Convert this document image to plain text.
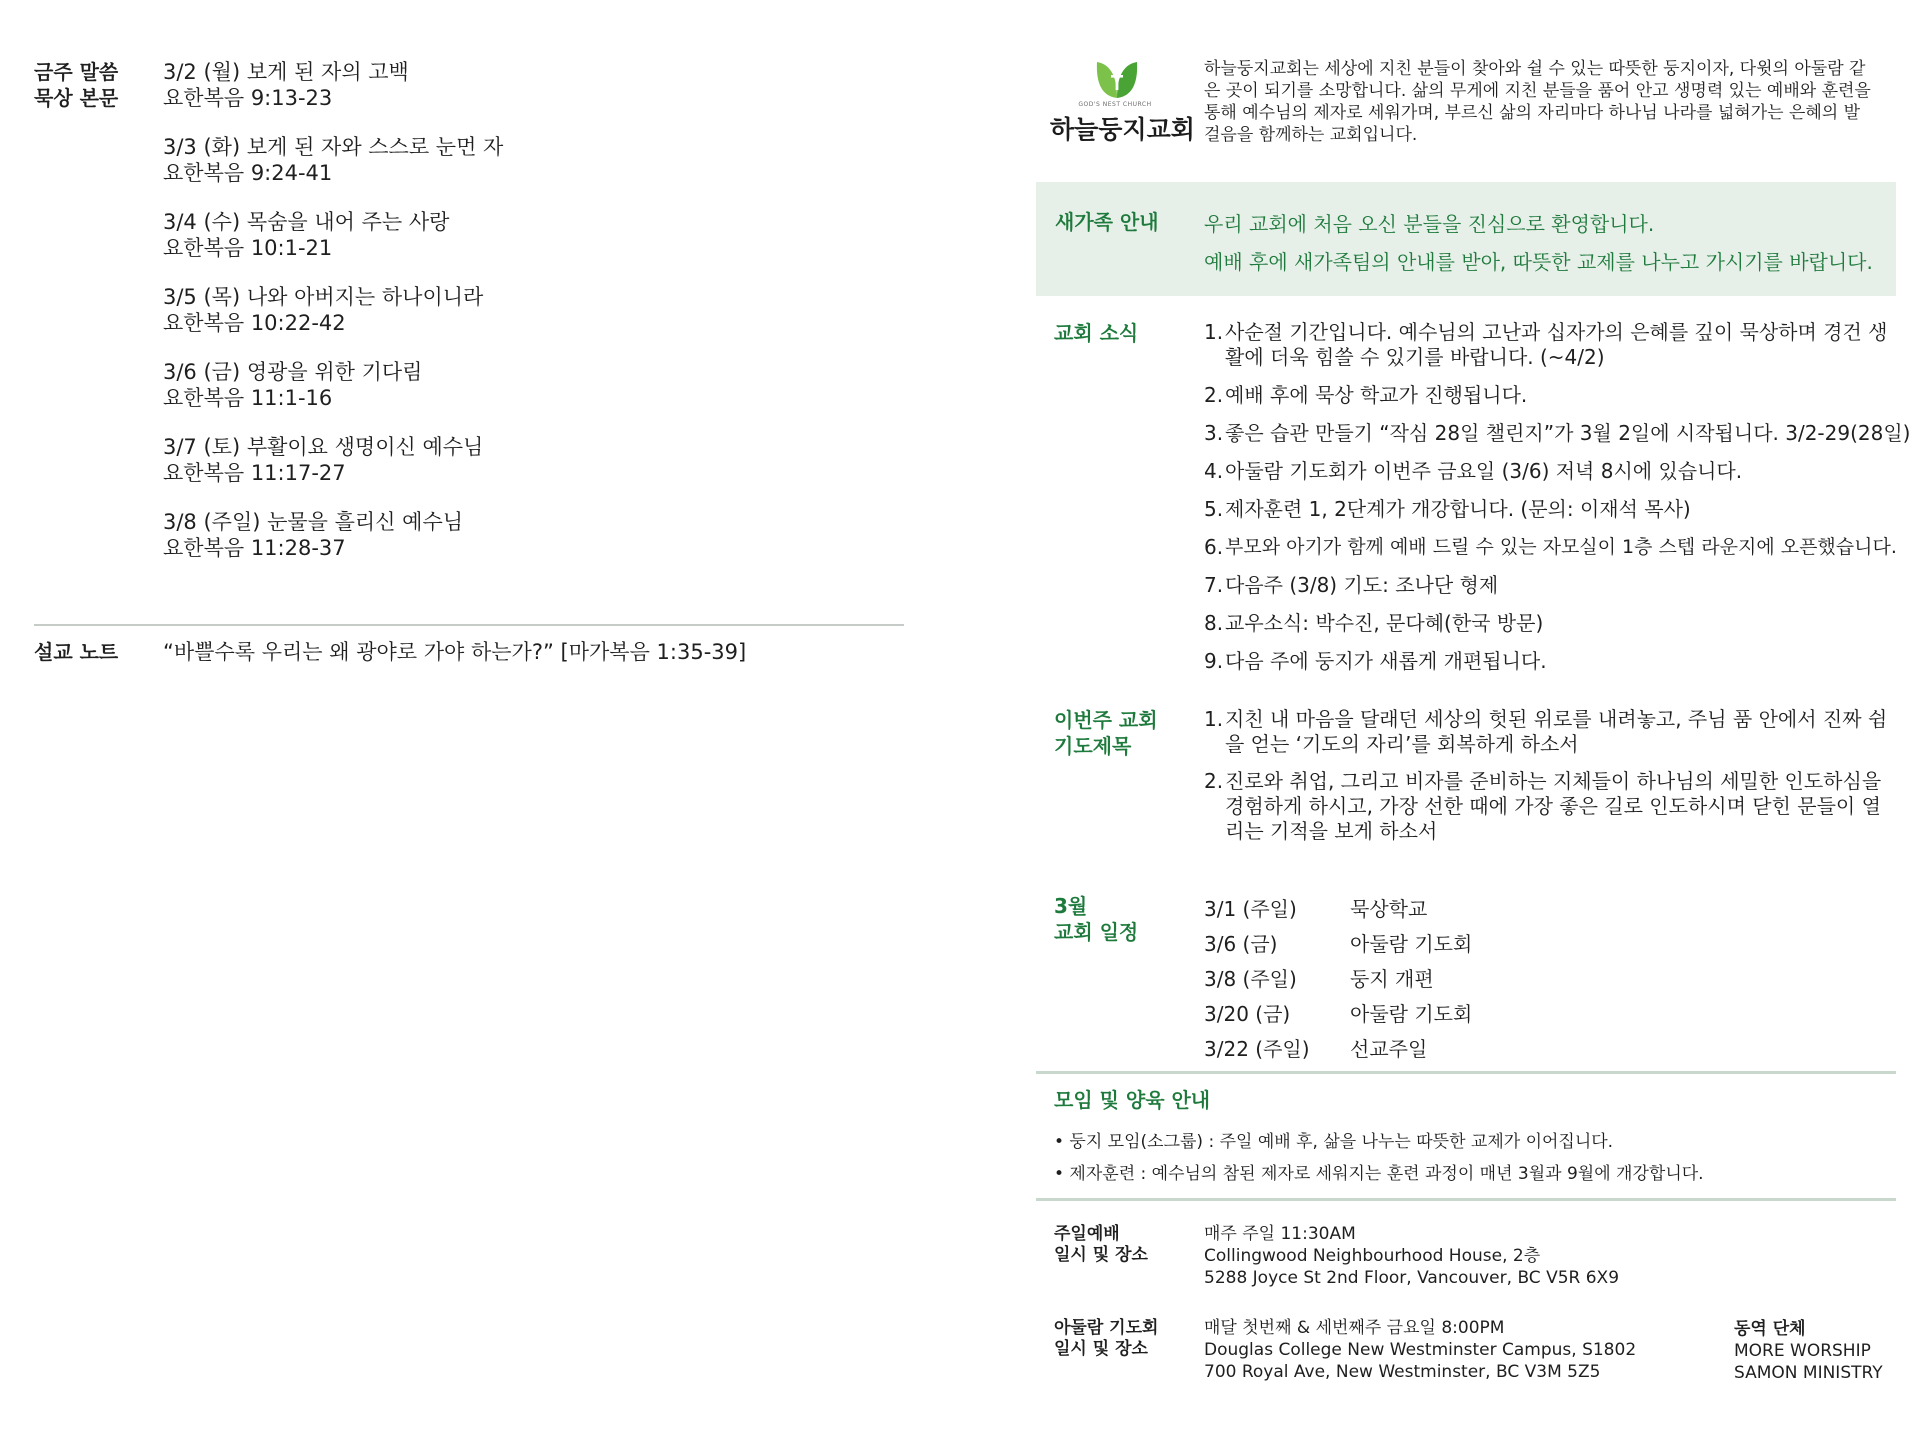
금주 말씀
묵상 본문
3/2 (월) 보게 된 자의 고백
요한복음 9:13-23
3/3 (화) 보게 된 자와 스스로 눈먼 자
요한복음 9:24-41
3/4 (수) 목숨을 내어 주는 사랑
요한복음 10:1-21
3/5 (목) 나와 아버지는 하나이니라
요한복음 10:22-42
3/6 (금) 영광을 위한 기다림
요한복음 11:1-16
3/7 (토) 부활이요 생명이신 예수님
요한복음 11:17-27
3/8 (주일) 눈물을 흘리신 예수님
요한복음 11:28-37
설교 노트 “바쁠수록 우리는 왜 광야로 가야 하는가?” [마가복음 1:35-39]
GOD'S NEST CHURCH
하늘둥지교회
하늘둥지교회는 세상에 지친 분들이 찾아와 쉴 수 있는 따뜻한 둥지이자, 다윗의 아둘람 같은 곳이 되기를 소망합니다. 삶의 무게에 지친 분들을 품어 안고 생명력 있는 예배와 훈련을 통해 예수님의 제자로 세워가며, 부르신 삶의 자리마다 하나님 나라를 넓혀가는 은혜의 발걸음을 함께하는 교회입니다.
새가족 안내 우리 교회에 처음 오신 분들을 진심으로 환영합니다.
예배 후에 새가족팀의 안내를 받아, 따뜻한 교제를 나누고 가시기를 바랍니다.
교회 소식	1. 사순절 기간입니다. 예수님의 고난과 십자가의 은혜를 깊이 묵상하며 경건 생활에 더욱 힘쓸 수 있기를 바랍니다. (~4/2)
2. 예배 후에 묵상 학교가 진행됩니다.
3. 좋은 습관 만들기 “작심 28일 챌린지”가 3월 2일에 시작됩니다. 3/2-29(28일)
4. 아둘람 기도회가 이번주 금요일 (3/6) 저녁 8시에 있습니다.
5. 제자훈련 1, 2단계가 개강합니다. (문의: 이재석 목사)
6. 부모와 아기가 함께 예배 드릴 수 있는 자모실이 1층 스텝 라운지에 오픈했습니다.
7. 다음주 (3/8) 기도: 조나단 형제
8. 교우소식: 박수진, 문다혜(한국 방문)
9. 다음 주에 둥지가 새롭게 개편됩니다.
이번주 교회
기도제목
1. 지친 내 마음을 달래던 세상의 헛된 위로를 내려놓고, 주님 품 안에서 진짜 쉼을 얻는 ‘기도의 자리’를 회복하게 하소서
2. 진로와 취업, 그리고 비자를 준비하는 지체들이 하나님의 세밀한 인도하심을 경험하게 하시고, 가장 선한 때에 가장 좋은 길로 인도하시며 닫힌 문들이 열리는 기적을 보게 하소서
3월
교회 일정
3/1 (주일)	묵상학교
3/6 (금)	아둘람 기도회
3/8 (주일)	둥지 개편
3/20 (금)	아둘람 기도회
3/22 (주일) 선교주일
모임 및 양육 안내
• 둥지 모임(소그룹) : 주일 예배 후, 삶을 나누는 따뜻한 교제가 이어집니다.
• 제자훈련 : 예수님의 참된 제자로 세워지는 훈련 과정이 매년 3월과 9월에 개강합니다.
주일예배
일시 및 장소
매주 주일 11:30AM
Collingwood Neighbourhood House, 2층
5288 Joyce St 2nd Floor, Vancouver, BC V5R 6X9
아둘람 기도회
일시 및 장소
매달 첫번째 & 세번째주 금요일 8:00PM
Douglas College New Westminster Campus, S1802
700 Royal Ave, New Westminster, BC V3M 5Z5
동역 단체
MORE WORSHIP
SAMON MINISTRY
